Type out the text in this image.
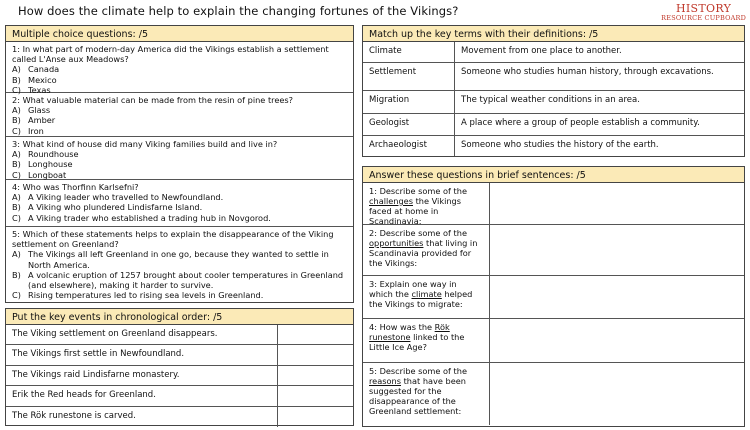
How does the climate help to explain the changing fortunes of the Vikings?	HISTORY
RESOURCE CUPBOARD
Multiple choice questions: /5
1: In what part of modern-day America did the Vikings establish a settlement called L'Anse aux Meadows?
A) Canada
B) Mexico
C) Texas
2: What valuable material can be made from the resin of pine trees?
A) Glass
B) Amber
C) Iron
3: What kind of house did many Viking families build and live in?
A) Roundhouse
B) Longhouse
C) Longboat
4: Who was Thorfinn Karlsefni?
A) A Viking leader who travelled to Newfoundland.
B) A Viking who plundered Lindisfarne Island.
C) A Viking trader who established a trading hub in Novgorod.
5: Which of these statements helps to explain the disappearance of the Viking settlement on Greenland?
A) The Vikings all left Greenland in one go, because they wanted to settle in North America.
B) A volcanic eruption of 1257 brought about cooler temperatures in Greenland (and elsewhere), making it harder to survive.
C) Rising temperatures led to rising sea levels in Greenland.
Put the key events in chronological order: /5
The Viking settlement on Greenland disappears.
The Vikings first settle in Newfoundland.
The Vikings raid Lindisfarne monastery.
Erik the Red heads for Greenland.
The Rök runestone is carved.
Match up the key terms with their definitions: /5
Climate	Movement from one place to another.
Settlement	Someone who studies human history, through excavations.
Migration	The typical weather conditions in an area.
Geologist	A place where a group of people establish a community.
Archaeologist	Someone who studies the history of the earth.
Answer these questions in brief sentences: /5
1: Describe some of the challenges the Vikings faced at home in Scandinavia:
2: Describe some of the opportunities that living in Scandinavia provided for the Vikings:
3: Explain one way in which the climate helped the Vikings to migrate:
4: How was the Rök runestone linked to the Little Ice Age?
5: Describe some of the reasons that have been suggested for the disappearance of the Greenland settlement:
